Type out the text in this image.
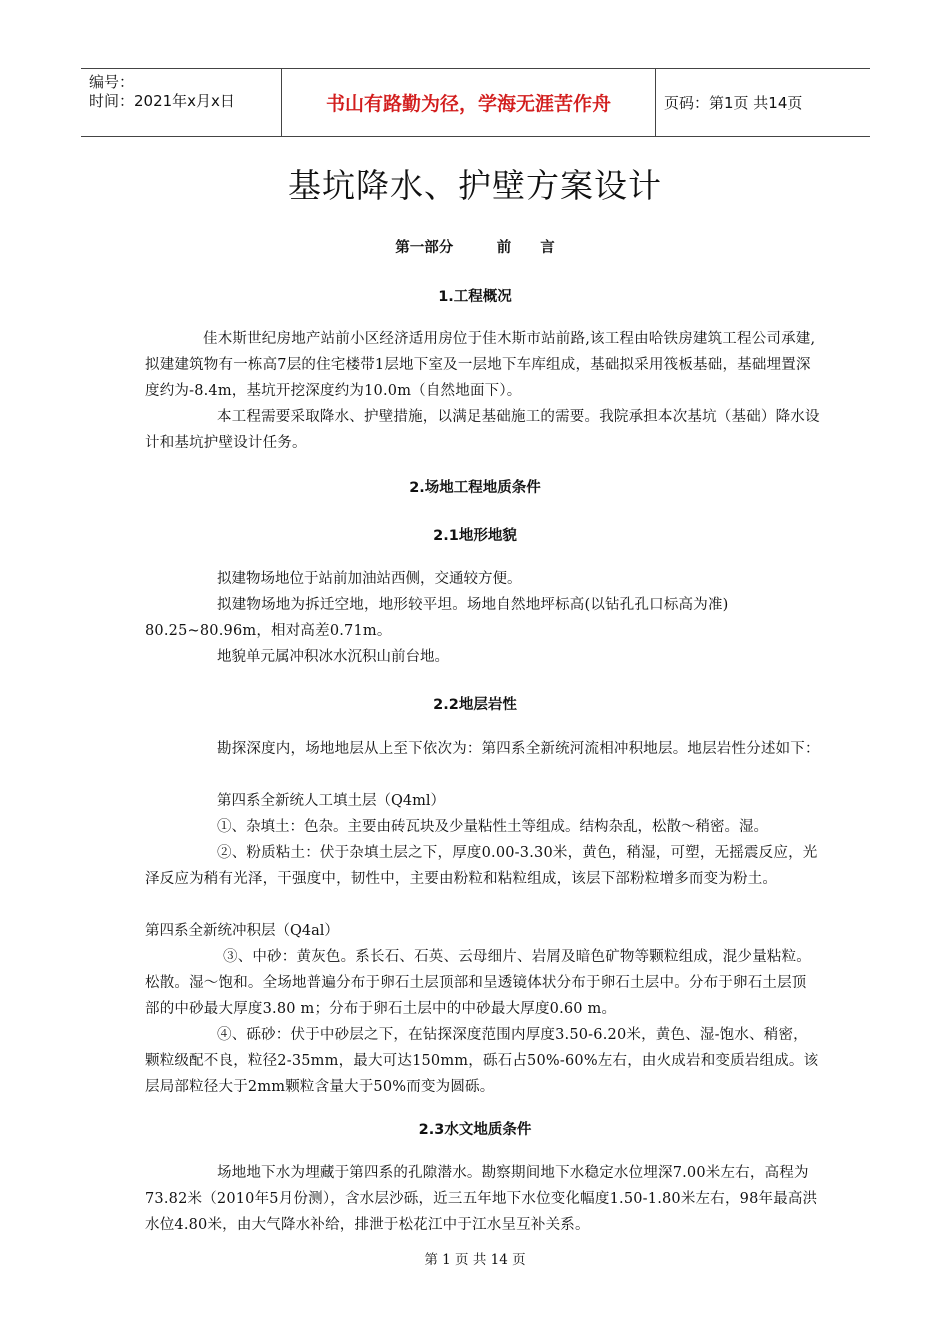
编号：
时间：2021年x月x日	书山有路勤为径，学海无涯苦作舟	页码：第1页 共14页
基坑降水、护壁方案设计
第一部分　　　前　　言
1.工程概况

佳木斯世纪房地产站前小区经济适用房位于佳木斯市站前路,该工程由哈铁房建筑工程公司承建,拟建建筑物有一栋高7层的住宅楼带1层地下室及一层地下车库组成，基础拟采用筏板基础，基础埋置深度约为-8.4m，基坑开挖深度约为10.0m（自然地面下）。

本工程需要采取降水、护壁措施，以满足基础施工的需要。我院承担本次基坑（基础）降水设计和基坑护壁设计任务。

2.场地工程地质条件
2.1地形地貌

拟建物场地位于站前加油站西侧，交通较方便。

拟建物场地为拆迁空地，地形较平坦。场地自然地坪标高(以钻孔孔口标高为准) 80.25~80.96m，相对高差0.71m。

地貌单元属冲积冰水沉积山前台地。

2.2地层岩性

勘探深度内，场地地层从上至下依次为：第四系全新统河流相冲积地层。地层岩性分述如下：

第四系全新统人工填土层（Q4ml）

①、杂填土：色杂。主要由砖瓦块及少量粘性土等组成。结构杂乱，松散～稍密。湿。

②、粉质粘土：伏于杂填土层之下，厚度0.00-3.30米，黄色，稍湿，可塑，无摇震反应，光泽反应为稍有光泽，干强度中，韧性中，主要由粉粒和粘粒组成，该层下部粉粒增多而变为粉土。

第四系全新统冲积层（Q4al）

③、中砂：黄灰色。系长石、石英、云母细片、岩屑及暗色矿物等颗粒组成，混少量粘粒。松散。湿～饱和。全场地普遍分布于卵石土层顶部和呈透镜体状分布于卵石土层中。分布于卵石土层顶部的中砂最大厚度3.80 m；分布于卵石土层中的中砂最大厚度0.60 m。

④、砾砂：伏于中砂层之下，在钻探深度范围内厚度3.50-6.20米，黄色、湿-饱水、稍密，颗粒级配不良，粒径2-35mm，最大可达150mm，砾石占50%-60%左右，由火成岩和变质岩组成。该层局部粒径大于2mm颗粒含量大于50%而变为圆砾。

2.3水文地质条件

场地地下水为埋藏于第四系的孔隙潜水。勘察期间地下水稳定水位埋深7.00米左右，高程为73.82米（2010年5月份测），含水层沙砾，近三五年地下水位变化幅度1.50-1.80米左右，98年最高洪水位4.80米，由大气降水补给，排泄于松花江中于江水呈互补关系。

第 1 页 共 14 页
